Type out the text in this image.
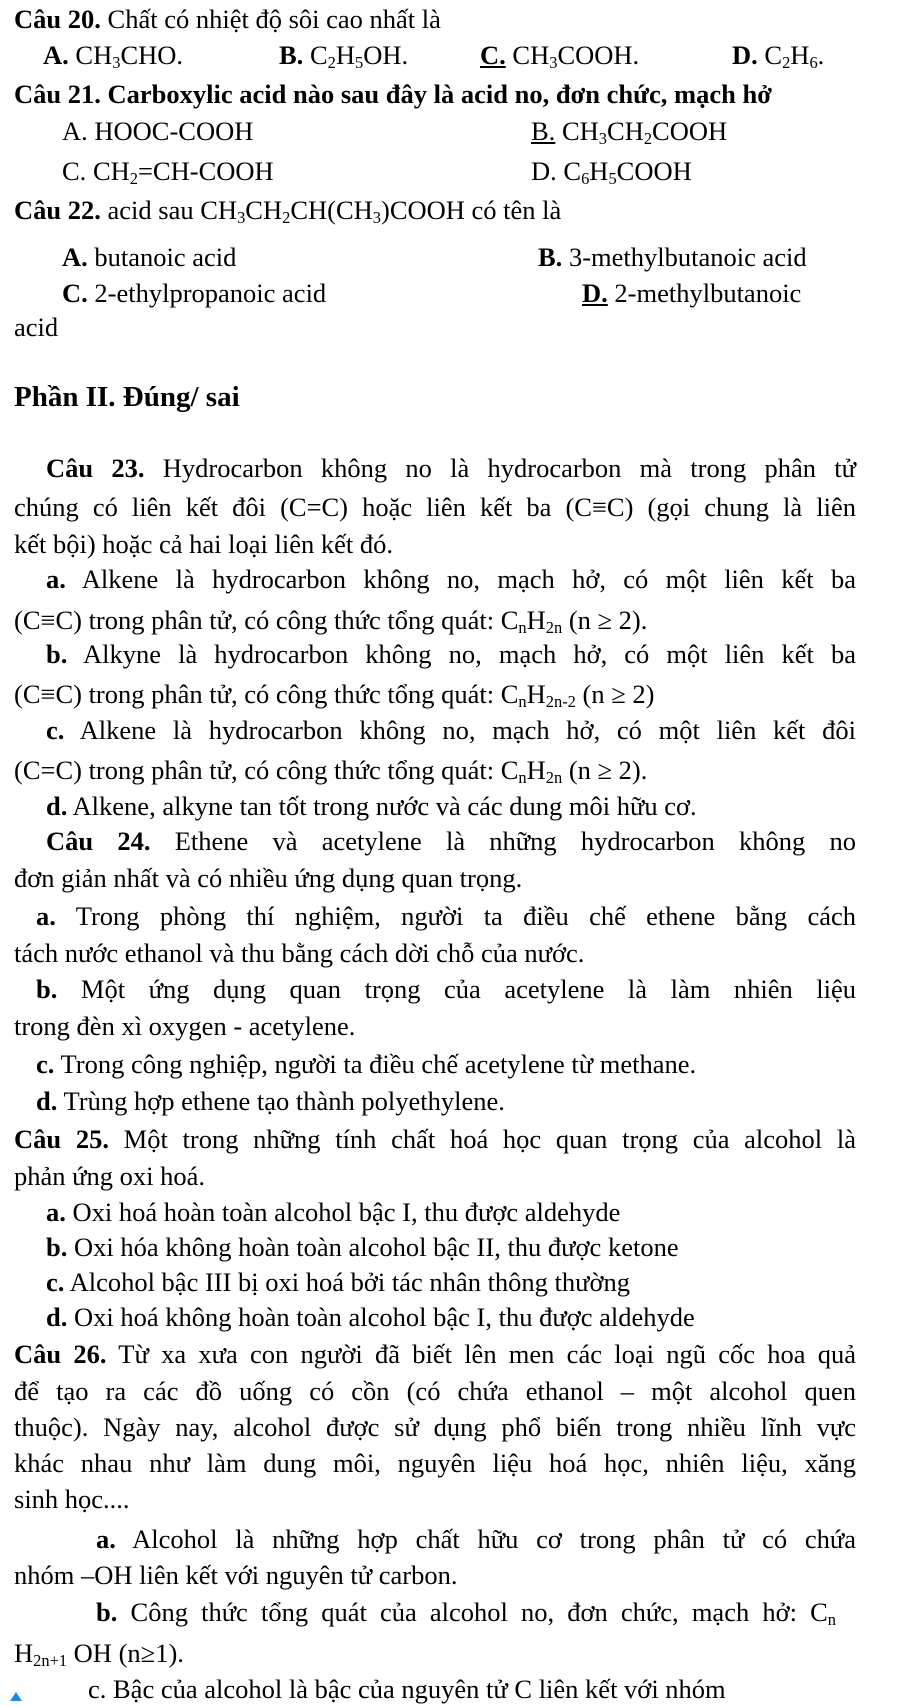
Câu 20. Chất có nhiệt độ sôi cao nhất là
A. $CH_3CHO$.	B. $C_2H_5OH$.	C. $CH_3COOH$.	D. $C_2H_6$.
Câu 21. Carboxylic acid nào sau đây là acid no, đơn chức, mạch hở
A. HOOC-COOH	B. $CH_3CH_2COOH$
C. $CH_2=CH$-COOH	D. $C_6H_5COOH$
Câu 22. acid sau $CH_3CH_2CH(CH_3)COOH$ có tên là
A. butanoic acid	B. 3-methylbutanoic acid
C. 2-ethylpropanoic acid	D. 2-methylbutanoic
acid
Phần II. Đúng/ sai
Câu 23. Hydrocarbon không no là hydrocarbon mà trong phân tử
chúng có liên kết đôi (C=C) hoặc liên kết ba (C≡C) (gọi chung là liên
kết bội) hoặc cả hai loại liên kết đó.
a. Alkene là hydrocarbon không no, mạch hở, có một liên kết ba
(C≡C) trong phân tử, có công thức tổng quát: $C_nH_{2n}$ (n ≥ 2).
b. Alkyne là hydrocarbon không no, mạch hở, có một liên kết ba
(C≡C) trong phân tử, có công thức tổng quát: $C_nH_{2n-2}$ (n ≥ 2)
c. Alkene là hydrocarbon không no, mạch hở, có một liên kết đôi
(C=C) trong phân tử, có công thức tổng quát: $C_nH_{2n}$ (n ≥ 2).
d. Alkene, alkyne tan tốt trong nước và các dung môi hữu cơ.
Câu 24. Ethene và acetylene là những hydrocarbon không no
đơn giản nhất và có nhiều ứng dụng quan trọng.
a. Trong phòng thí nghiệm, người ta điều chế ethene bằng cách
tách nước ethanol và thu bằng cách dời chỗ của nước.
b. Một ứng dụng quan trọng của acetylene là làm nhiên liệu
trong đèn xì oxygen - acetylene.
c. Trong công nghiệp, người ta điều chế acetylene từ methane.
d. Trùng hợp ethene tạo thành polyethylene.
Câu 25. Một trong những tính chất hoá học quan trọng của alcohol là
phản ứng oxi hoá.
a. Oxi hoá hoàn toàn alcohol bậc I, thu được aldehyde
b. Oxi hóa không hoàn toàn alcohol bậc II, thu được ketone
c. Alcohol bậc III bị oxi hoá bởi tác nhân thông thường
d. Oxi hoá không hoàn toàn alcohol bậc I, thu được aldehyde
Câu 26. Từ xa xưa con người đã biết lên men các loại ngũ cốc hoa quả
để tạo ra các đồ uống có cồn (có chứa ethanol – một alcohol quen
thuộc). Ngày nay, alcohol được sử dụng phổ biến trong nhiều lĩnh vực
khác nhau như làm dung môi, nguyên liệu hoá học, nhiên liệu, xăng
sinh học....
a. Alcohol là những hợp chất hữu cơ trong phân tử có chứa
nhóm –OH liên kết với nguyên tử carbon.
b. Công thức tổng quát của alcohol no, đơn chức, mạch hở: $C_n$
$H_{2n+1}$ OH (n≥1).
c. Bậc của alcohol là bậc của nguyên tử C liên kết với nhóm
